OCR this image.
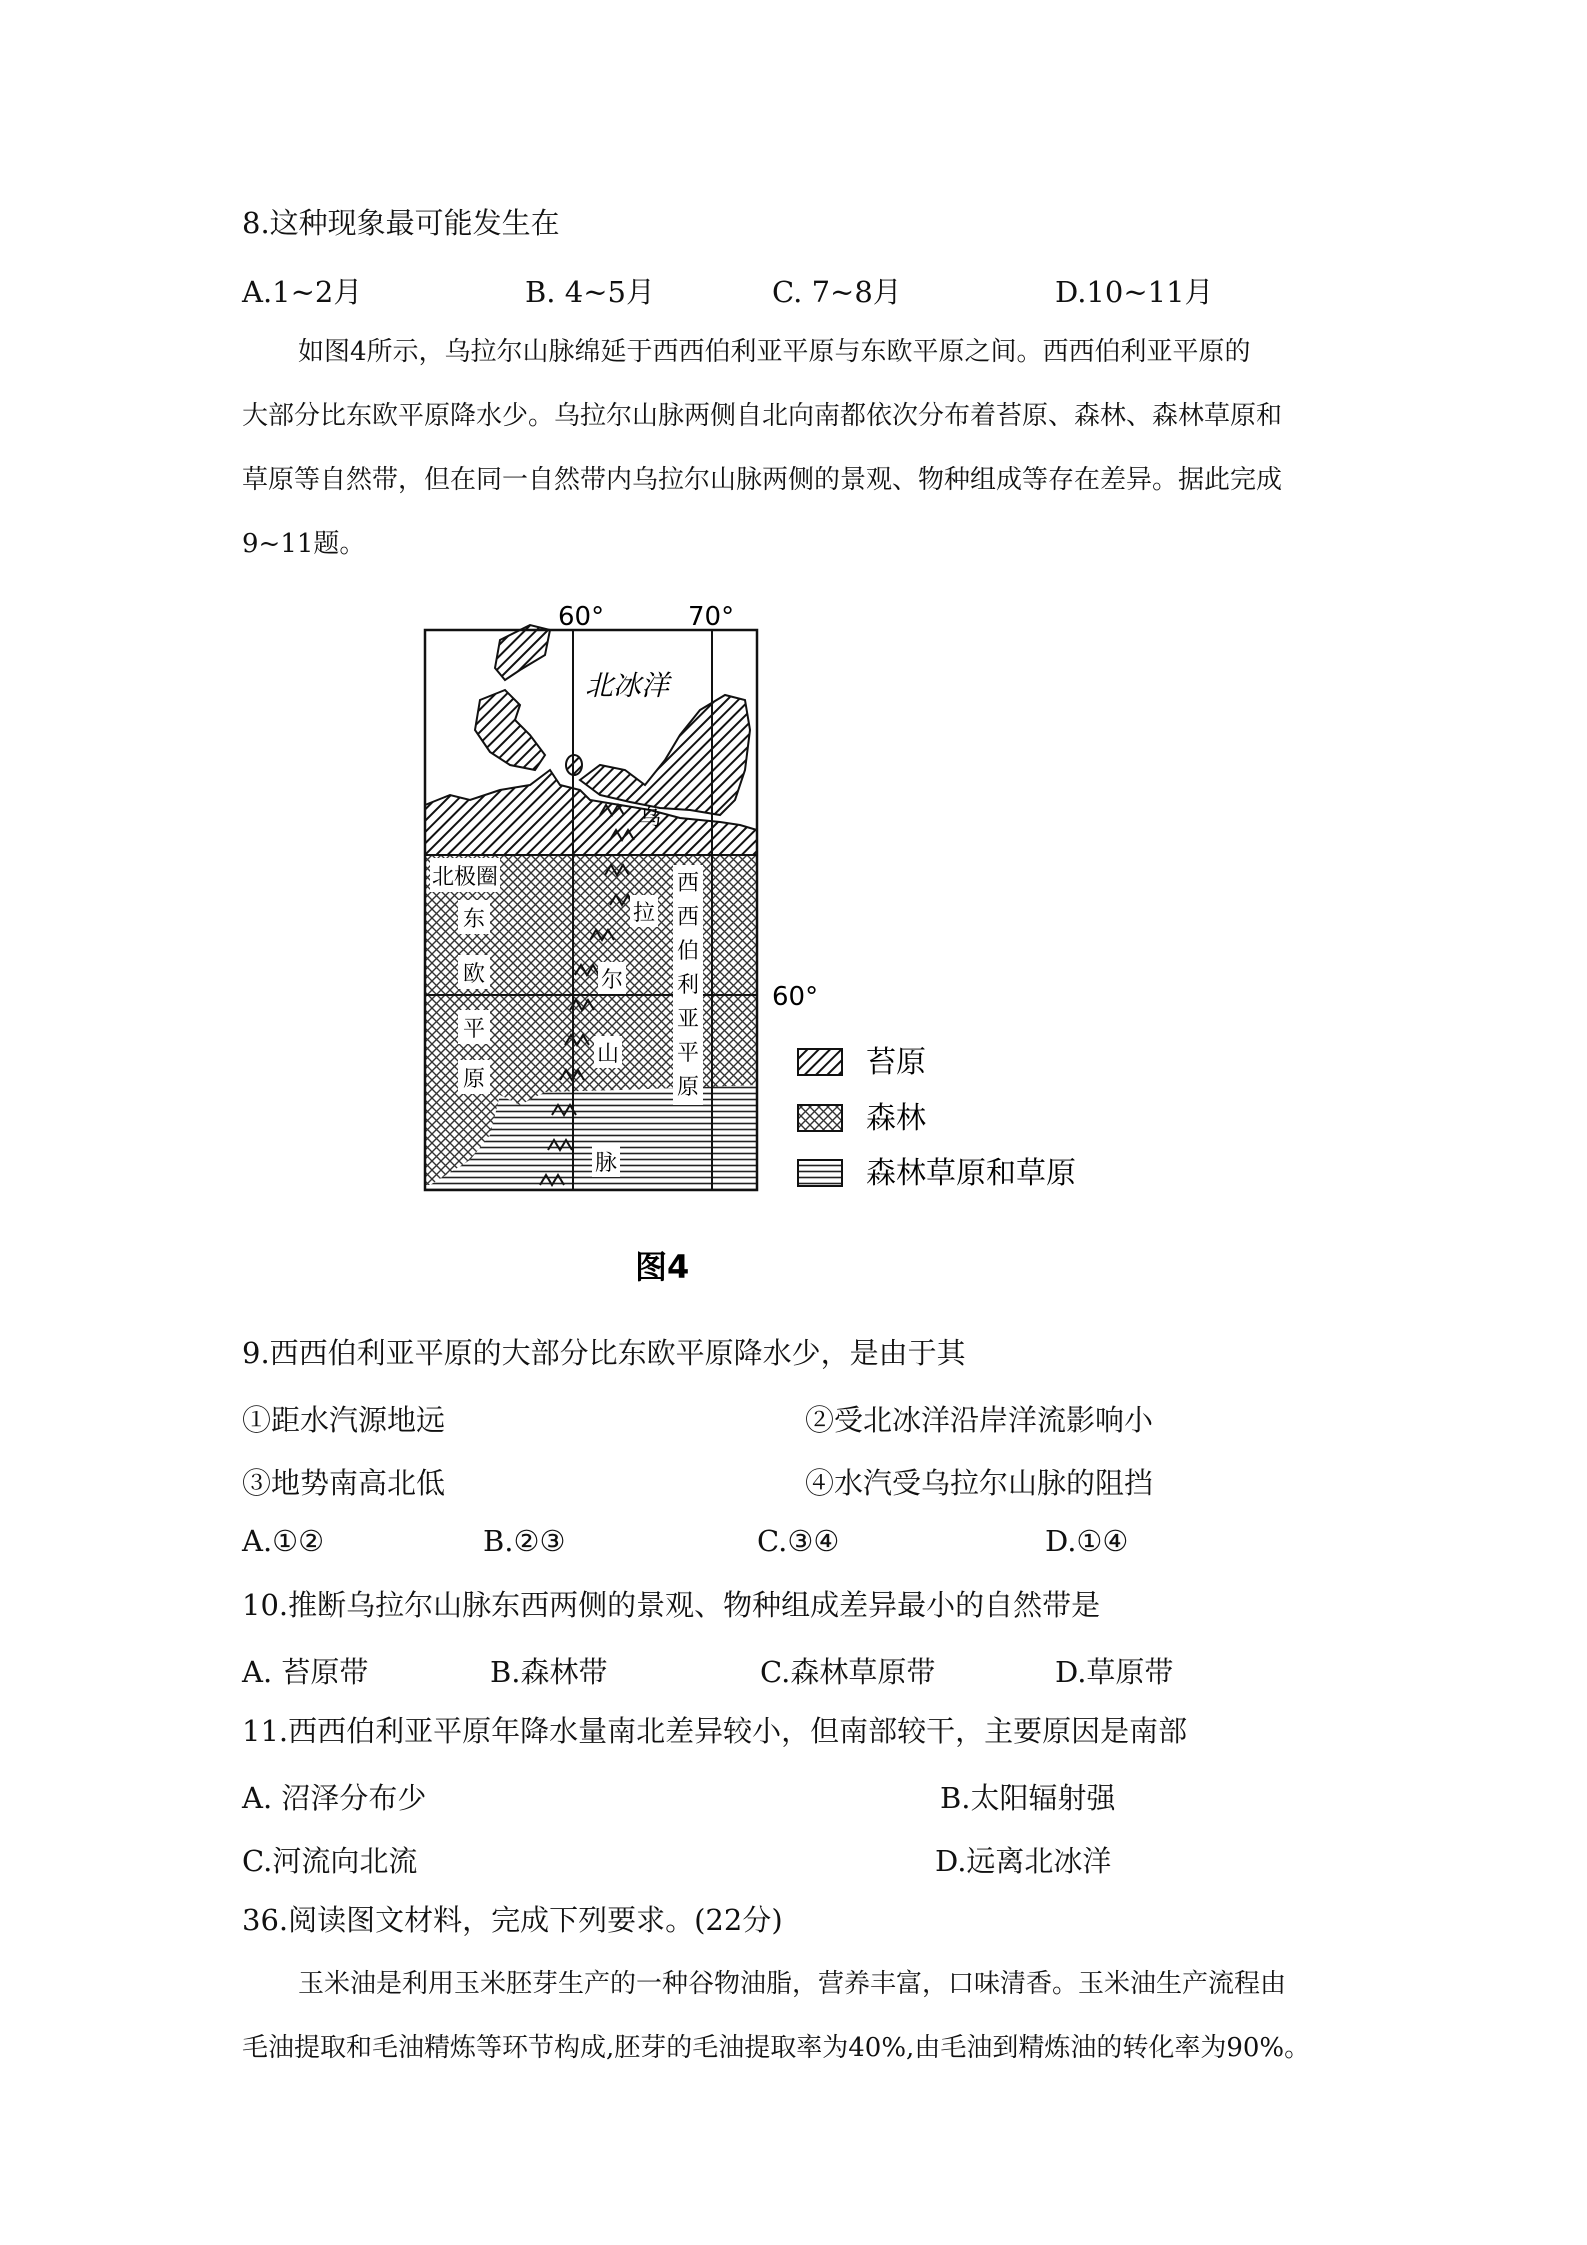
8.这种现象最可能发生在
A.1~2月	B. 4~5月	C. 7~8月	D.10~11月
如图4所示，乌拉尔山脉绵延于西西伯利亚平原与东欧平原之间。西西伯利亚平原的
大部分比东欧平原降水少。乌拉尔山脉两侧自北向南都依次分布着苔原、森林、森林草原和
草原等自然带，但在同一自然带内乌拉尔山脉两侧的景观、物种组成等存在差异。据此完成
9~11题。
60°	70°
60°
北冰洋
北极圈
东
欧
平
原
西
西
伯
利
亚
平
原
乌
拉
尔
山
脉
苔原
森林
森林草原和草原
图4
9.西西伯利亚平原的大部分比东欧平原降水少，是由于其
①距水汽源地远	②受北冰洋沿岸洋流影响小
③地势南高北低	④水汽受乌拉尔山脉的阻挡
A.①②	B.②③	C.③④	D.①④
10.推断乌拉尔山脉东西两侧的景观、物种组成差异最小的自然带是
A. 苔原带	B.森林带	C.森林草原带	D.草原带
11.西西伯利亚平原年降水量南北差异较小，但南部较干，主要原因是南部
A. 沼泽分布少	B.太阳辐射强
C.河流向北流	D.远离北冰洋
36.阅读图文材料，完成下列要求。(22分)
玉米油是利用玉米胚芽生产的一种谷物油脂，营养丰富，口味清香。玉米油生产流程由
毛油提取和毛油精炼等环节构成,胚芽的毛油提取率为40%,由毛油到精炼油的转化率为90%。
